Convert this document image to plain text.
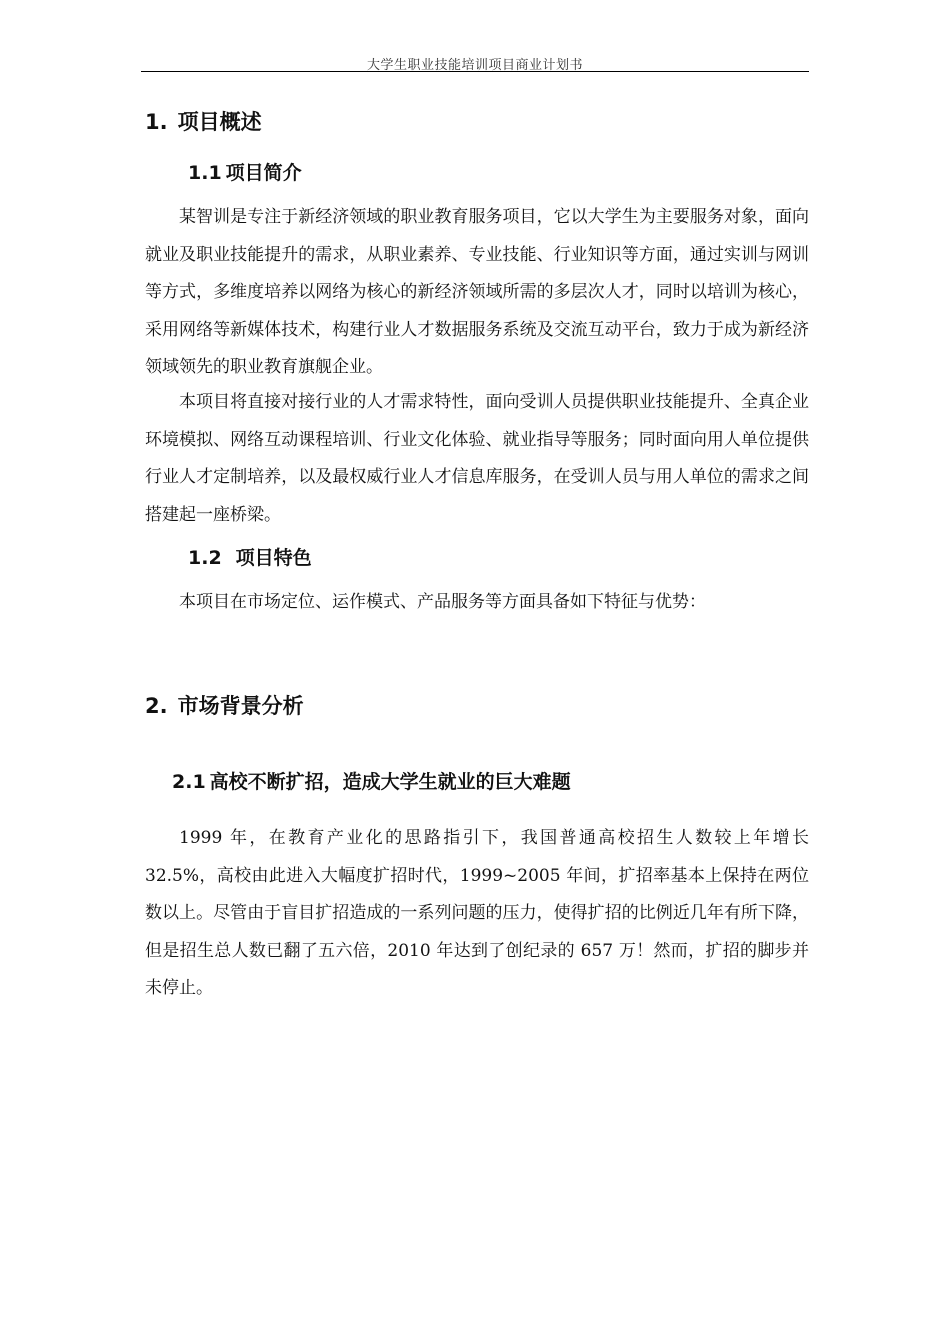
大学生职业技能培训项目商业计划书
1. 项目概述
1.1 项目简介

某智训是专注于新经济领域的职业教育服务项目，它以大学生为主要服务对象，面向就业及职业技能提升的需求，从职业素养、专业技能、行业知识等方面，通过实训与网训等方式，多维度培养以网络为核心的新经济领域所需的多层次人才，同时以培训为核心，采用网络等新媒体技术，构建行业人才数据服务系统及交流互动平台，致力于成为新经济领域领先的职业教育旗舰企业。

本项目将直接对接行业的人才需求特性，面向受训人员提供职业技能提升、全真企业环境模拟、网络互动课程培训、行业文化体验、就业指导等服务；同时面向用人单位提供行业人才定制培养，以及最权威行业人才信息库服务，在受训人员与用人单位的需求之间搭建起一座桥梁。

1.2 项目特色

本项目在市场定位、运作模式、产品服务等方面具备如下特征与优势：

2. 市场背景分析
2.1 高校不断扩招，造成大学生就业的巨大难题

1999 年，在教育产业化的思路指引下，我国普通高校招生人数较上年增长 32.5%，高校由此进入大幅度扩招时代，1999~2005 年间，扩招率基本上保持在两位数以上。尽管由于盲目扩招造成的一系列问题的压力，使得扩招的比例近几年有所下降，但是招生总人数已翻了五六倍，2010 年达到了创纪录的 657 万！然而，扩招的脚步并未停止。
